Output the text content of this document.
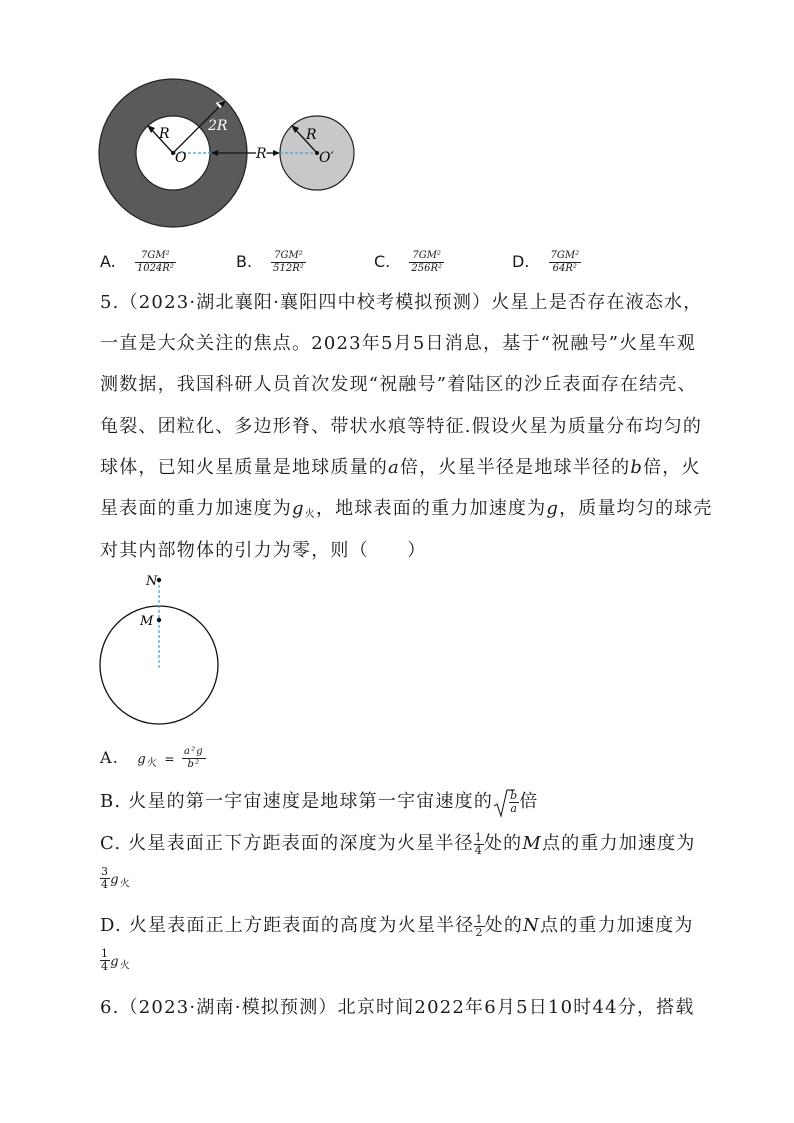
R	2R
O	R
R
O′
A. $\frac{\text{7GM²}}{\text{1024R²}}$	B. $\frac{\text{7GM²}}{\text{512R²}}$	C. $\frac{\text{7GM²}}{\text{256R²}}$	D. $\frac{\text{7GM²}}{\text{64R²}}$
5.（2023·湖北襄阳·襄阳四中校考模拟预测）火星上是否存在液态水，
一直是大众关注的焦点。2023年5月5日消息，基于“祝融号”火星车观
测数据，我国科研人员首次发现“祝融号”着陆区的沙丘表面存在结壳、
龟裂、团粒化、多边形脊、带状水痕等特征.假设火星为质量分布均匀的
球体，已知火星质量是地球质量的a倍，火星半径是地球半径的b倍，火
星表面的重力加速度为$g_火$，地球表面的重力加速度为g，质量均匀的球壳
对其内部物体的引力为零，则（　　）
N
M
A. $g_火 = \frac{\text{a²g}}{\text{b²}}$
B. 火星的第一宇宙速度是地球第一宇宙速度的 $\frac{b}{a}$ 倍
C. 火星表面正下方距表面的深度为火星半径 $\frac{1}{4}$ 处的M点的重力加速度为
$\frac{3}{4} g_火$
D. 火星表面正上方距表面的高度为火星半径 $\frac{1}{2}$ 处的N点的重力加速度为
$\frac{1}{4} g_火$
6.（2023·湖南·模拟预测）北京时间2022年6月5日10时44分，搭载
